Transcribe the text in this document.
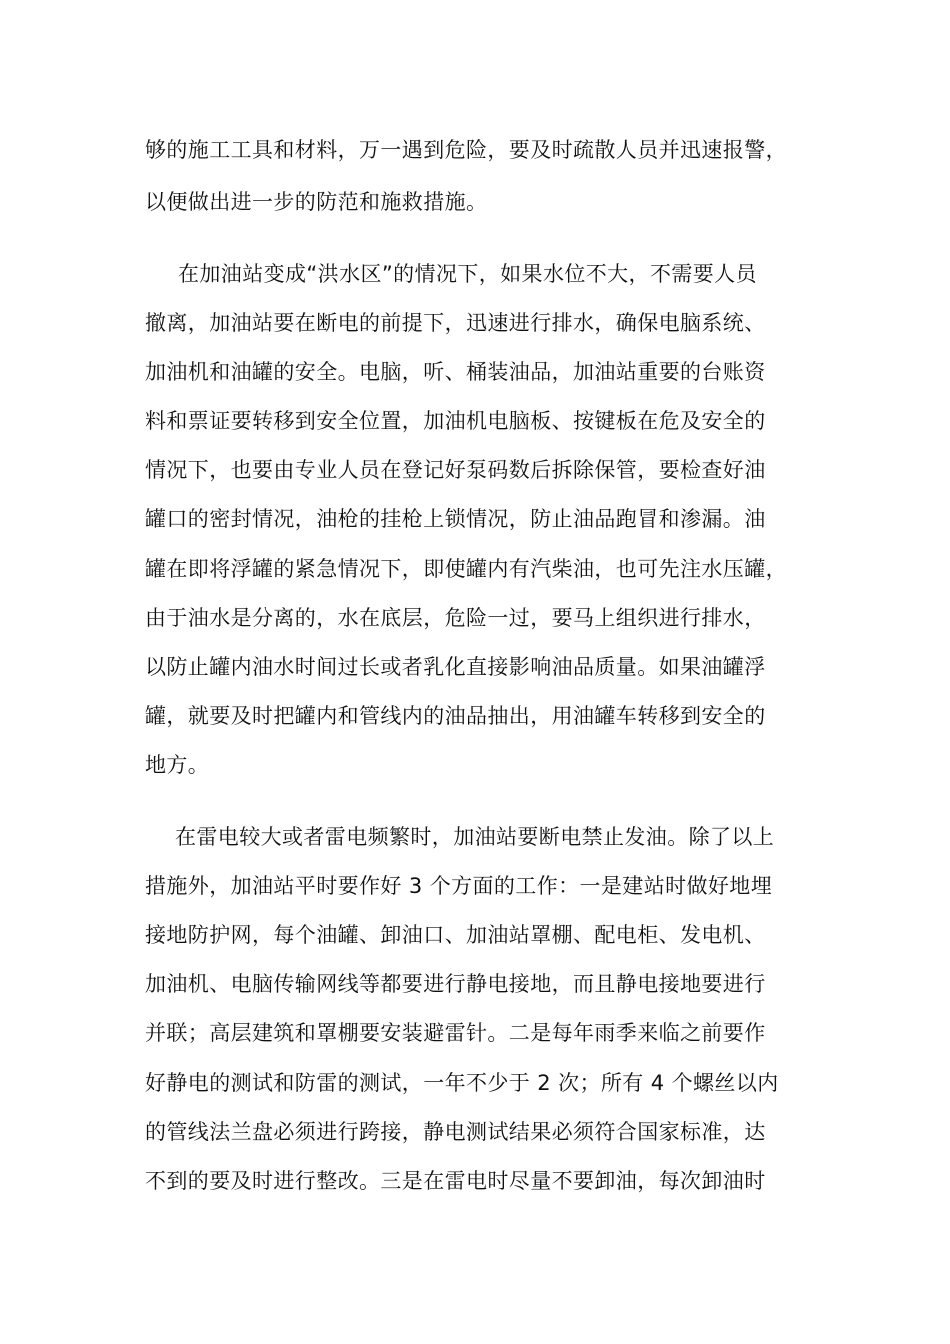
够的施工工具和材料，万一遇到危险，要及时疏散人员并迅速报警，
以便做出进一步的防范和施救措施。
在加油站变成“洪水区”的情况下，如果水位不大，不需要人员
撤离，加油站要在断电的前提下，迅速进行排水，确保电脑系统、
加油机和油罐的安全。电脑，听、桶装油品，加油站重要的台账资
料和票证要转移到安全位置，加油机电脑板、按键板在危及安全的
情况下，也要由专业人员在登记好泵码数后拆除保管，要检查好油
罐口的密封情况，油枪的挂枪上锁情况，防止油品跑冒和渗漏。油
罐在即将浮罐的紧急情况下，即使罐内有汽柴油，也可先注水压罐，
由于油水是分离的，水在底层，危险一过，要马上组织进行排水，
以防止罐内油水时间过长或者乳化直接影响油品质量。如果油罐浮
罐，就要及时把罐内和管线内的油品抽出，用油罐车转移到安全的
地方。
在雷电较大或者雷电频繁时，加油站要断电禁止发油。除了以上
措施外，加油站平时要作好 3 个方面的工作：一是建站时做好地埋
接地防护网，每个油罐、卸油口、加油站罩棚、配电柜、发电机、
加油机、电脑传输网线等都要进行静电接地，而且静电接地要进行
并联；高层建筑和罩棚要安装避雷针。二是每年雨季来临之前要作
好静电的测试和防雷的测试，一年不少于 2 次；所有 4 个螺丝以内
的管线法兰盘必须进行跨接，静电测试结果必须符合国家标准，达
不到的要及时进行整改。三是在雷电时尽量不要卸油，每次卸油时
